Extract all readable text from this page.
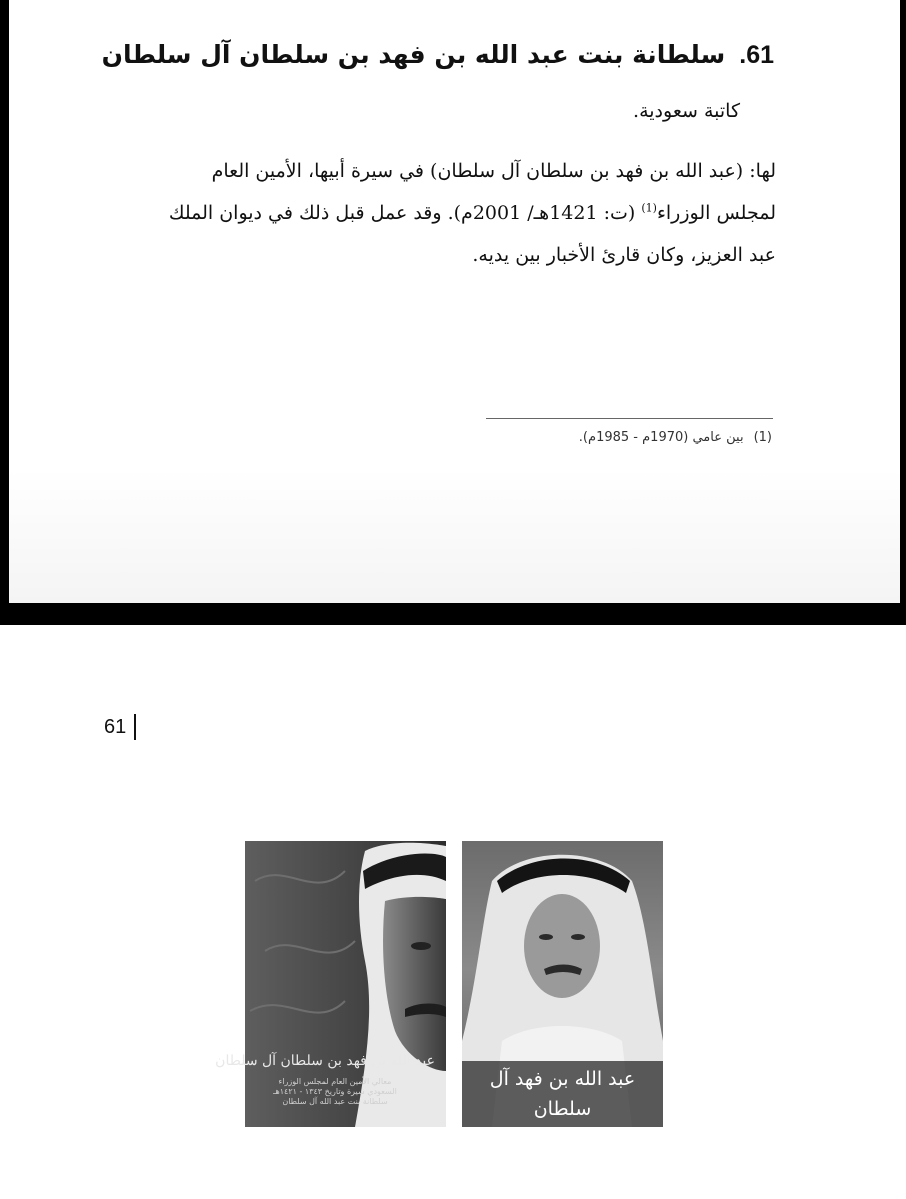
61.سلطانة بنت عبد الله بن فهد بن سلطان آل سلطان
كاتبة سعودية.
لها: (عبد الله بن فهد بن سلطان آل سلطان) في سيرة أبيها، الأمين العام
لمجلس الوزراء$^{(1)}$ (ت: 1421هـ/ 2001م). وقد عمل قبل ذلك في ديوان الملك
عبد العزيز، وكان قارئ الأخبار بين يديه.
(1)بين عامي (1970م - 1985م).
61
عبد الله بن فهد بن سلطان آل سلطان
معالي الأمين العام لمجلس الوزراء السعودي سيرة وتاريخ ١٣٤٣ - ١٤٢١هـ سلطانة بنت عبد الله آل سلطان
عبد الله بن فهد آل سلطان
